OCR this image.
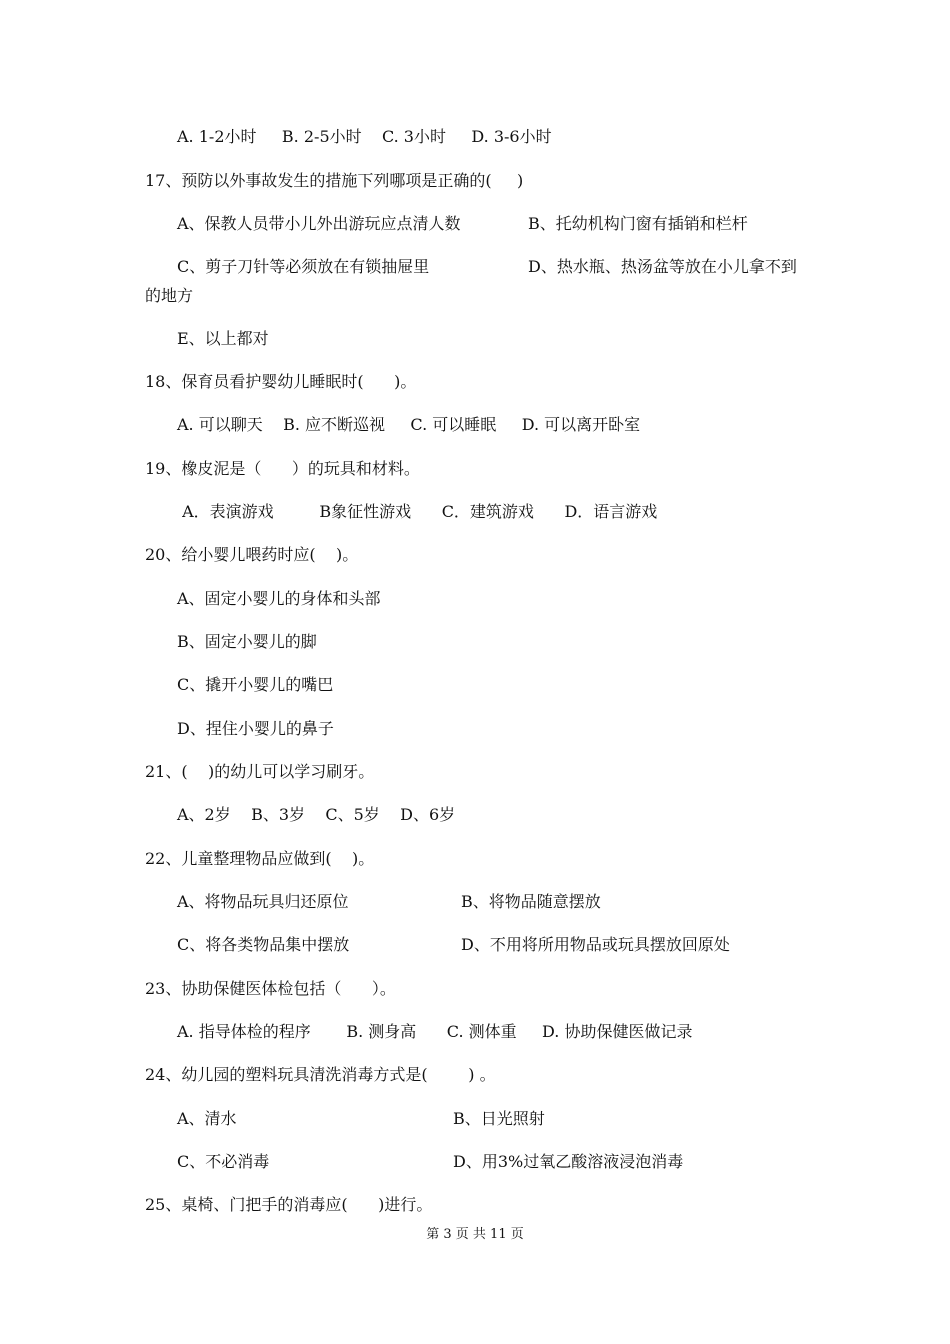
A. 1-2小时     B. 2-5小时    C. 3小时     D. 3-6小时
17、预防以外事故发生的措施下列哪项是正确的(     )
A、保教人员带小儿外出游玩应点清人数	B、托幼机构门窗有插销和栏杆
C、剪子刀针等必须放在有锁抽屉里	D、热水瓶、热汤盆等放在小儿拿不到
的地方
E、以上都对
18、保育员看护婴幼儿睡眠时(      )。
A. 可以聊天    B. 应不断巡视     C. 可以睡眠     D. 可以离开卧室
19、橡皮泥是（      ）的玩具和材料。
A．表演游戏         B象征性游戏      C．建筑游戏      D．语言游戏
20、给小婴儿喂药时应(    )。
A、固定小婴儿的身体和头部
B、固定小婴儿的脚
C、撬开小婴儿的嘴巴
D、捏住小婴儿的鼻子
21、(    )的幼儿可以学习刷牙。
A、2岁    B、3岁    C、5岁    D、6岁
22、儿童整理物品应做到(    )。
A、将物品玩具归还原位	B、将物品随意摆放
C、将各类物品集中摆放	D、不用将所用物品或玩具摆放回原处
23、协助保健医体检包括（      ）。
A. 指导体检的程序       B. 测身高      C. 测体重     D. 协助保健医做记录
24、幼儿园的塑料玩具清洗消毒方式是(        ) 。
A、清水	B、日光照射
C、不必消毒	D、用3%过氧乙酸溶液浸泡消毒
25、桌椅、门把手的消毒应(      )进行。
第 3 页 共 11 页
